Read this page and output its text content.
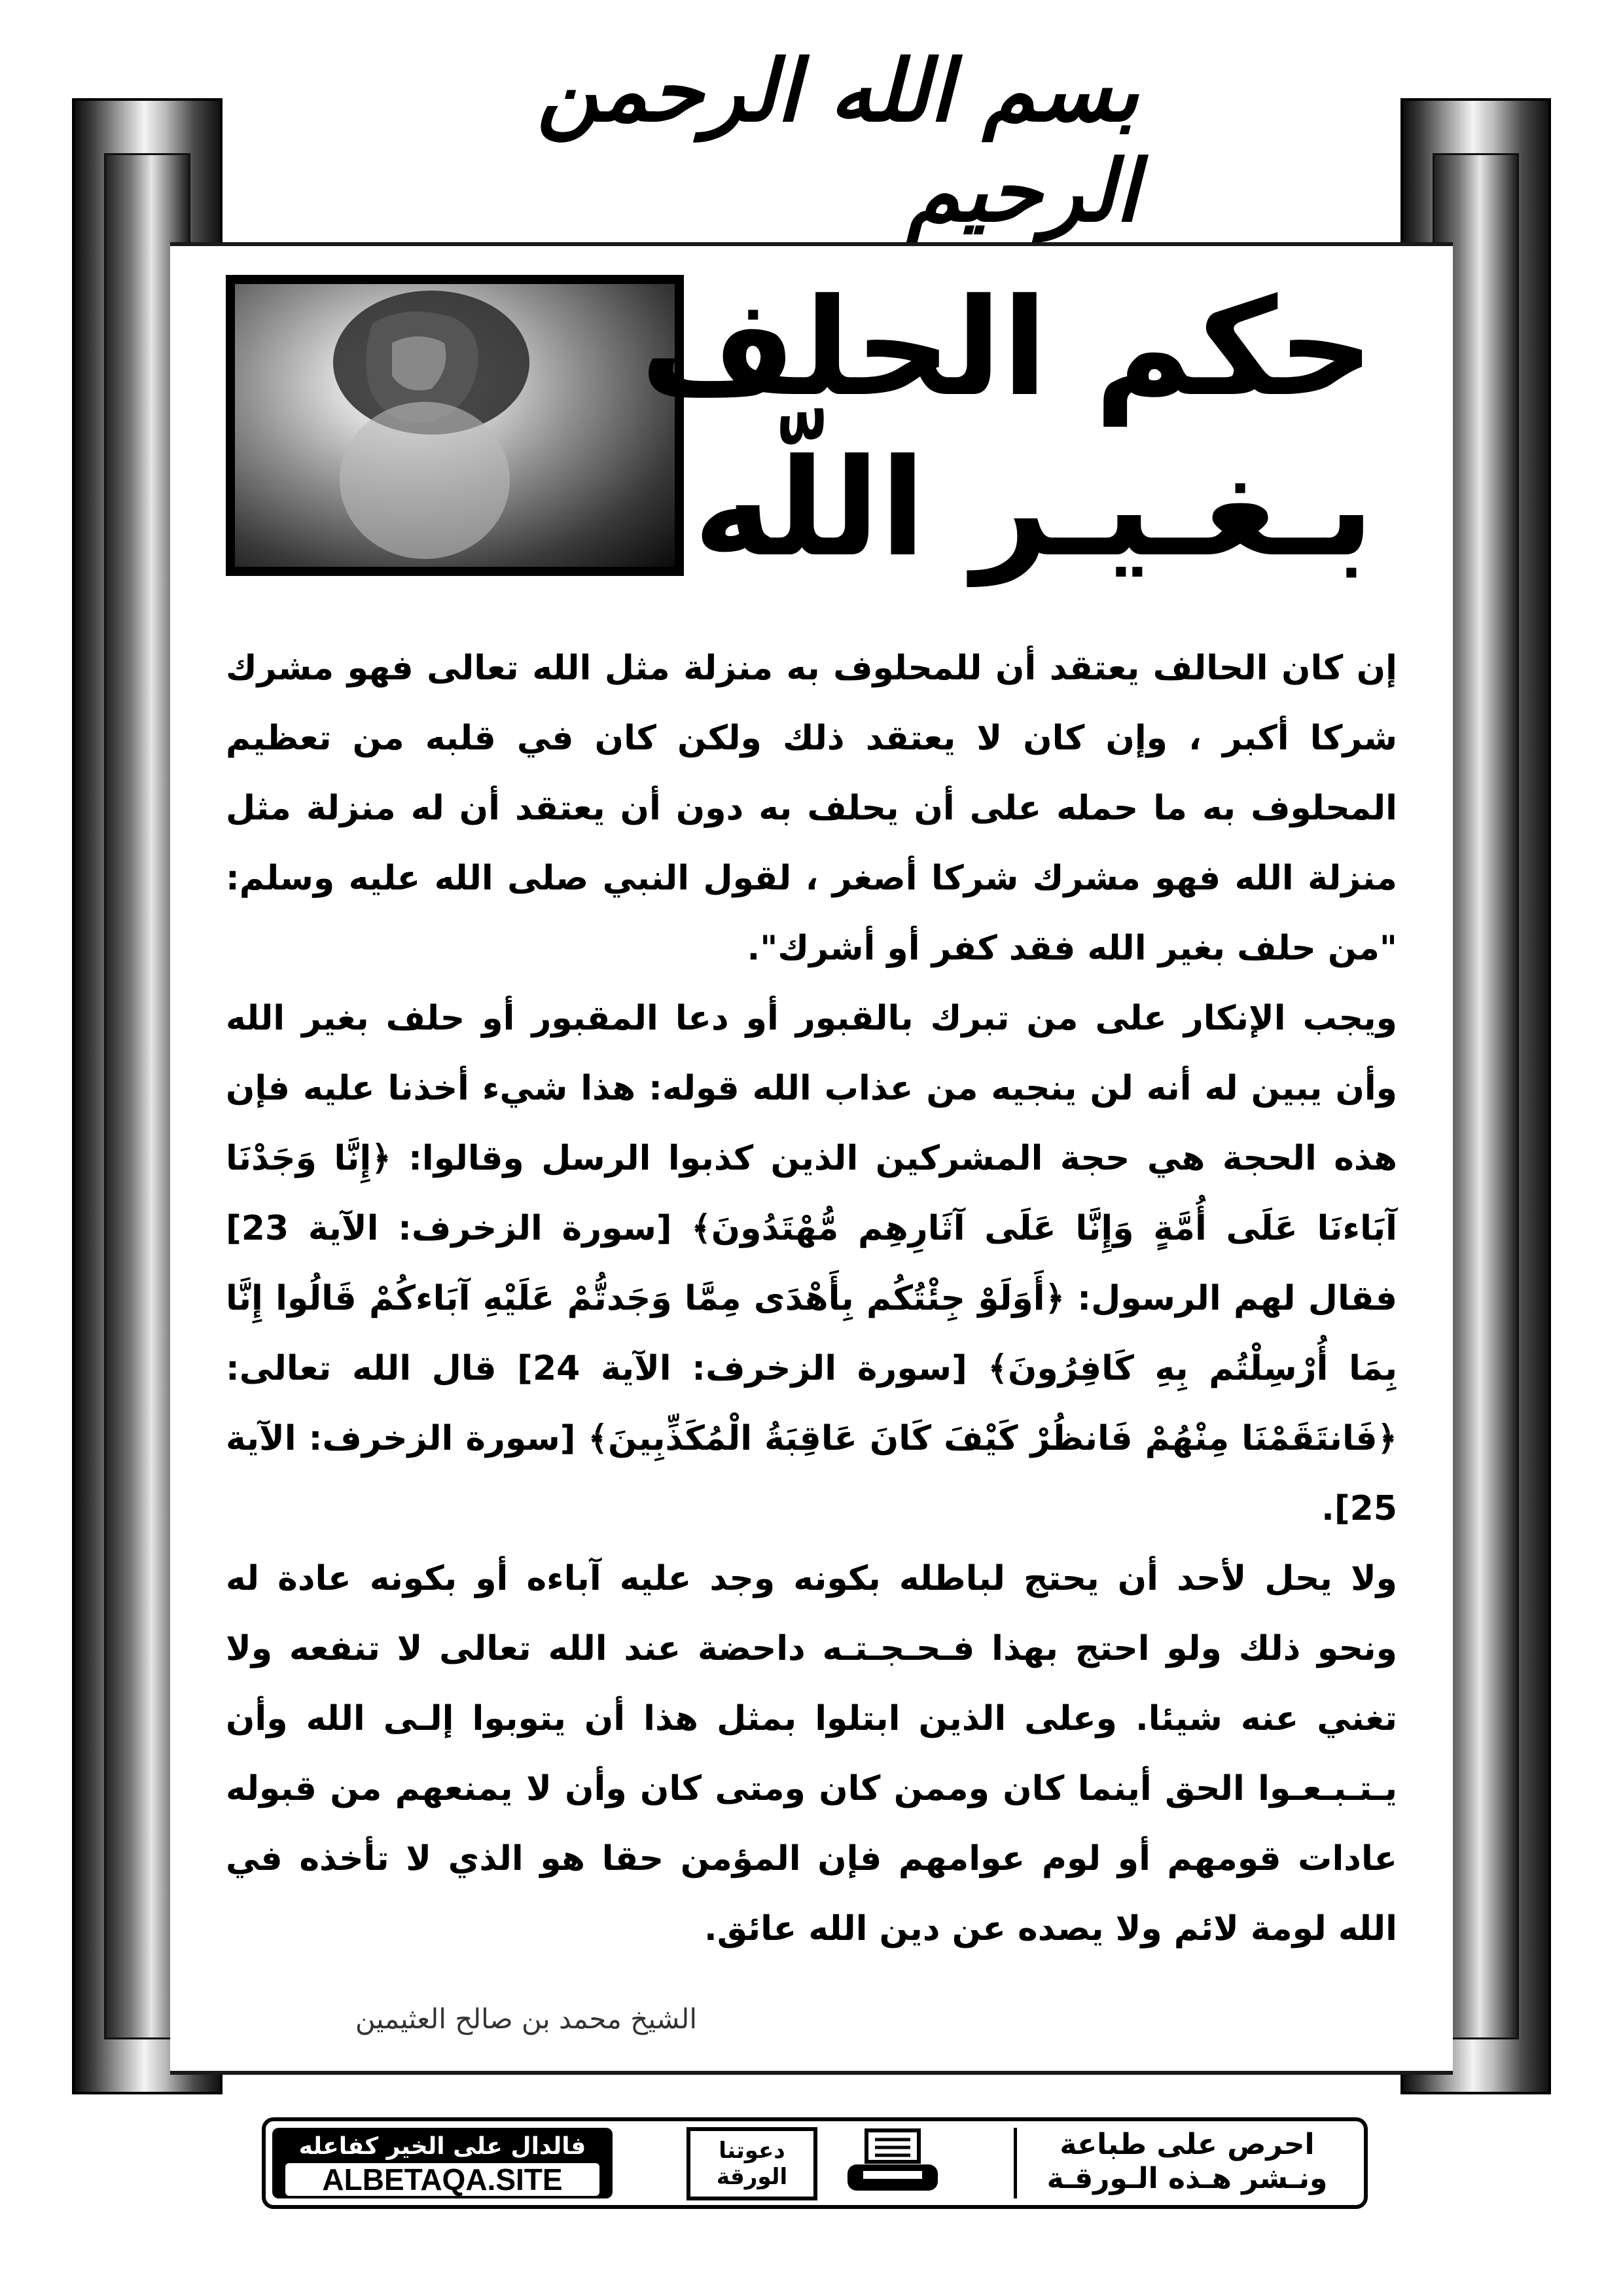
بسم الله الرحمن الرحيم
حكم الحلف
بـغـيـر اللّه

إن كان الحالف يعتقد أن للمحلوف به منزلة مثل الله تعالى فهو مشرك شركا أكبر ، وإن كان لا يعتقد ذلك ولكن كان في قلبه من تعظيم المحلوف به ما حمله على أن يحلف به دون أن يعتقد أن له منزلة مثل منزلة الله فهو مشرك شركا أصغر ، لقول النبي صلى الله عليه وسلم: "من حلف بغير الله فقد كفر أو أشرك".

ويجب الإنكار على من تبرك بالقبور أو دعا المقبور أو حلف بغير الله وأن يبين له أنه لن ينجيه من عذاب الله قوله: هذا شيء أخذنا عليه فإن هذه الحجة هي حجة المشركين الذين كذبوا الرسل وقالوا: ﴿إِنَّا وَجَدْنَا آبَاءنَا عَلَى أُمَّةٍ وَإِنَّا عَلَى آثَارِهِم مُّهْتَدُونَ﴾ [سورة الزخرف: الآية 23] فقال لهم الرسول: ﴿أَوَلَوْ جِئْتُكُم بِأَهْدَى مِمَّا وَجَدتُّمْ عَلَيْهِ آبَاءكُمْ قَالُوا إِنَّا بِمَا أُرْسِلْتُم بِهِ كَافِرُونَ﴾ [سورة الزخرف: الآية 24] قال الله تعالى: ﴿فَانتَقَمْنَا مِنْهُمْ فَانظُرْ كَيْفَ كَانَ عَاقِبَةُ الْمُكَذِّبِينَ﴾ [سورة الزخرف: الآية 25].

ولا يحل لأحد أن يحتج لباطله بكونه وجد عليه آباءه أو بكونه عادة له ونحو ذلك ولو احتج بهذا فـحـجـتـه داحضة عند الله تعالى لا تنفعه ولا تغني عنه شيئا. وعلى الذين ابتلوا بمثل هذا أن يتوبوا إلـى الله وأن يـتـبـعـوا الحق أينما كان وممن كان ومتى كان وأن لا يمنعهم من قبوله عادات قومهم أو لوم عوامهم فإن المؤمن حقا هو الذي لا تأخذه في الله لومة لائم ولا يصده عن دين الله عائق.

الشيخ محمد بن صالح العثيمين
احرص على طباعة
ونـشر هـذه الـورقـة
دعوتنا
الورقة
فالدال على الخير كفاعله
ALBETAQA.SITE
